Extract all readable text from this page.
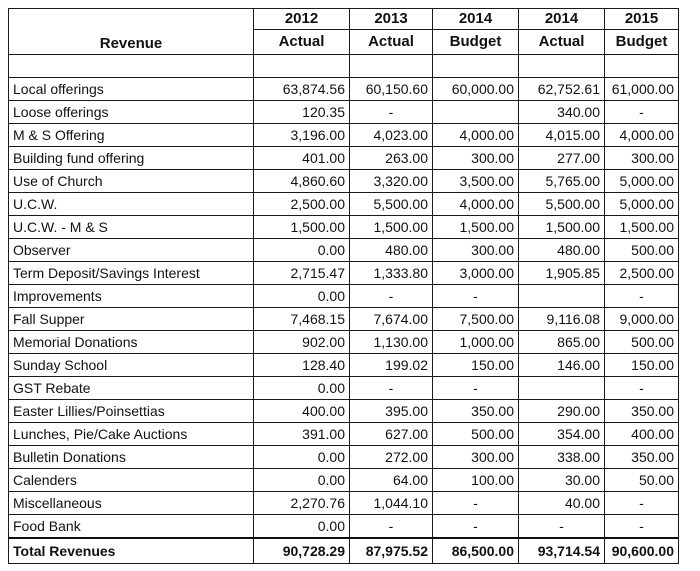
Revenue	2012	2013	2014	2014	2015
	Actual	Actual	Budget	Actual	Budget

Local offerings	63,874.56	60,150.60	60,000.00	62,752.61	61,000.00
Loose offerings	120.35	-		340.00	-
M & S Offering	3,196.00	4,023.00	4,000.00	4,015.00	4,000.00
Building fund offering	401.00	263.00	300.00	277.00	300.00
Use of Church	4,860.60	3,320.00	3,500.00	5,765.00	5,000.00
U.C.W.	2,500.00	5,500.00	4,000.00	5,500.00	5,000.00
U.C.W. - M & S	1,500.00	1,500.00	1,500.00	1,500.00	1,500.00
Observer	0.00	480.00	300.00	480.00	500.00
Term Deposit/Savings Interest	2,715.47	1,333.80	3,000.00	1,905.85	2,500.00
Improvements	0.00	-	-		-
Fall Supper	7,468.15	7,674.00	7,500.00	9,116.08	9,000.00
Memorial Donations	902.00	1,130.00	1,000.00	865.00	500.00
Sunday School	128.40	199.02	150.00	146.00	150.00
GST Rebate	0.00	-	-		-
Easter Lillies/Poinsettias	400.00	395.00	350.00	290.00	350.00
Lunches, Pie/Cake Auctions	391.00	627.00	500.00	354.00	400.00
Bulletin Donations	0.00	272.00	300.00	338.00	350.00
Calenders	0.00	64.00	100.00	30.00	50.00
Miscellaneous	2,270.76	1,044.10	-	40.00	-
Food Bank	0.00	-	-	-	-
Total Revenues	90,728.29	87,975.52	86,500.00	93,714.54	90,600.00
